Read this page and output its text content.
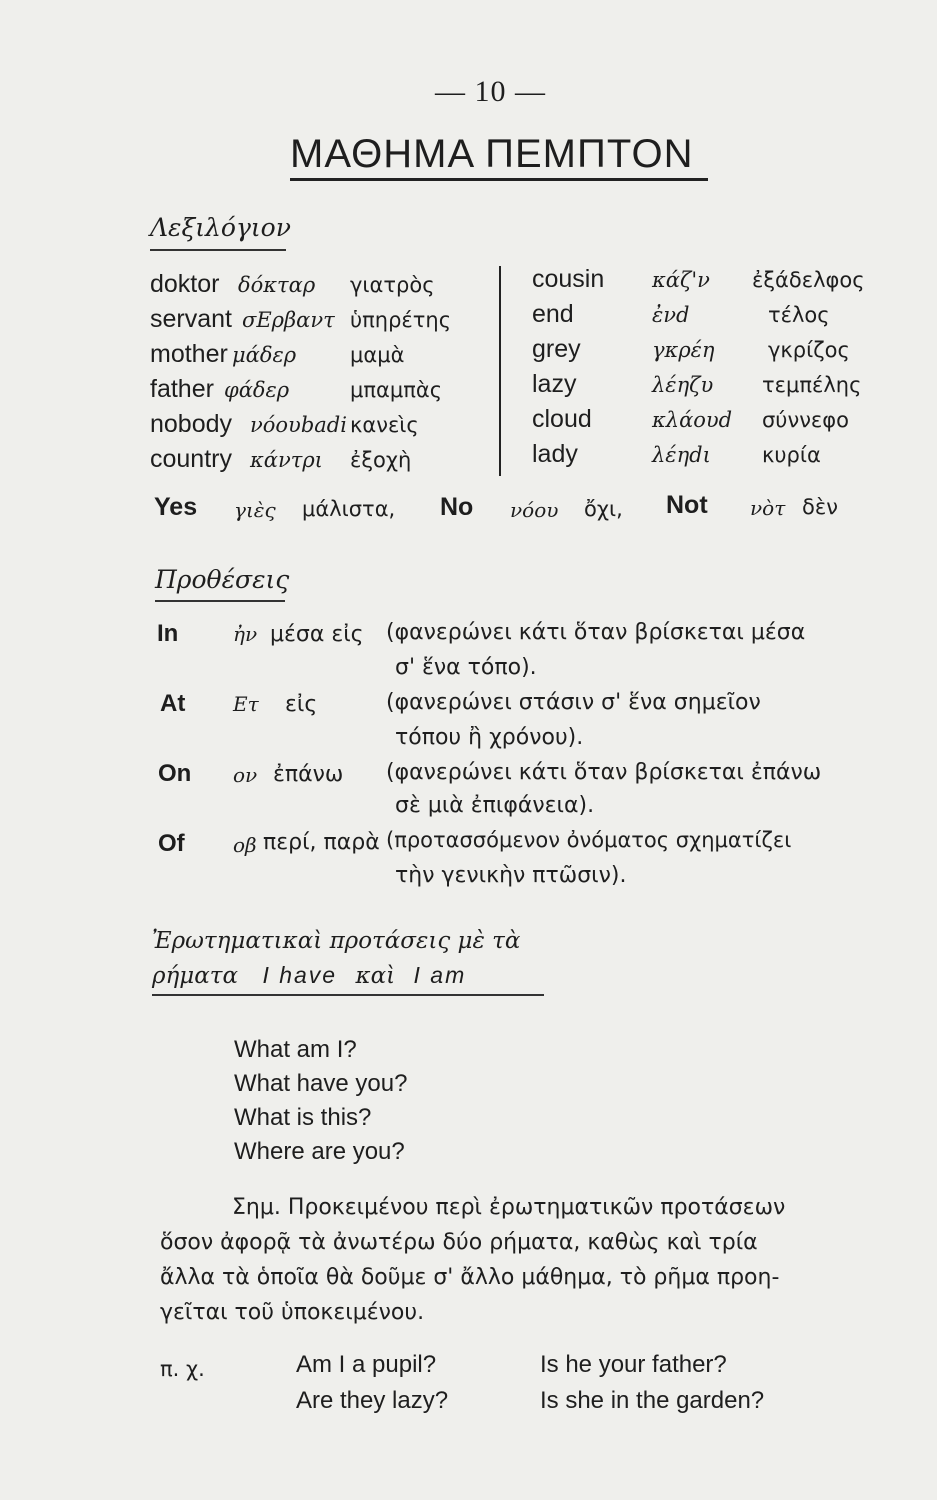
— 10 —
ΜΑΘΗΜΑ ΠΕΜΠΤΟΝ
Λεξιλόγιον
doktor δόκταρ γιατρὸς
servant σΕρβαντ ὑπηρέτης
mother μάδερ	μαμὰ
father φάδερ	μπαμπὰς
nobody νόουbadi κανεὶς
country κάντρι ἐξοχὴ
cousin κάζ'ν ἐξάδελφος
end	ἐνd	τέλος
grey	γκρέη	γκρίζος
lazy	λέηζυ τεμπέλης
cloud	κλάουd σύννεφο
lady	λέηdι κυρία
Yes γιὲς μάλιστα, No νόου ὄχι, Not νὸτ δὲν
Προθέσεις
In	ἠν μέσα εἰς (φανερώνει κάτι ὅταν βρίσκεται μέσα
σ' ἕνα τόπο).
At Ετ εἰς	(φανερώνει στάσιν σ' ἕνα σημεῖον
τόπου ἢ χρόνου).
On ον ἐπάνω (φανερώνει κάτι ὅταν βρίσκεται ἐπάνω
σὲ μιὰ ἐπιφάνεια).
Of οβ περί, παρὰ (προτασσόμενον ὀνόματος σχηματίζει
τὴν γενικὴν πτῶσιν).
Ἐρωτηματικαὶ προτάσεις μὲ τὰ
ρήματα I have καὶ I am
What am I?
What have you?
What is this?
Where are you?
Σημ. Προκειμένου περὶ ἐρωτηματικῶν προτάσεων
ὅσον ἀφορᾷ τὰ ἀνωτέρω δύο ρήματα, καθὼς καὶ τρία
ἄλλα τὰ ὁποῖα θὰ δοῦμε σ' ἄλλο μάθημα, τὸ ρῆμα προη-
γεῖται τοῦ ὑποκειμένου.
π. χ.	Am I a pupil?
Are they lazy?
Is he your father?
Is she in the garden?
